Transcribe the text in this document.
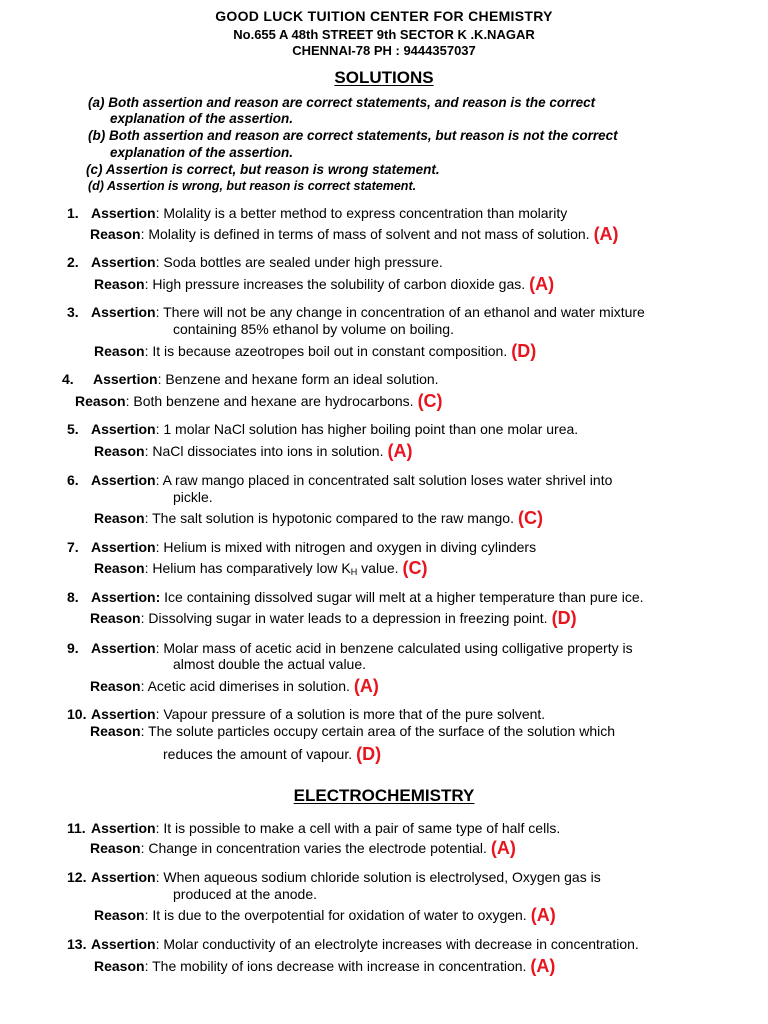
GOOD LUCK TUITION CENTER FOR CHEMISTRY
No.655 A 48th STREET 9th SECTOR K .K.NAGAR
CHENNAI-78 PH : 9444357037
SOLUTIONS
(a) Both assertion and reason are correct statements, and reason is the correct
explanation of the assertion.
(b) Both assertion and reason are correct statements, but reason is not the correct
explanation of the assertion.
(c) Assertion is correct, but reason is wrong statement.
(d) Assertion is wrong, but reason is correct statement.
1. Assertion: Molality is a better method to express concentration than molarity
Reason: Molality is defined in terms of mass of solvent and not mass of solution. (A)
2. Assertion: Soda bottles are sealed under high pressure.
Reason: High pressure increases the solubility of carbon dioxide gas. (A)
3. Assertion: There will not be any change in concentration of an ethanol and water mixture
containing 85% ethanol by volume on boiling.
Reason: It is because azeotropes boil out in constant composition. (D)
4. Assertion: Benzene and hexane form an ideal solution.
Reason: Both benzene and hexane are hydrocarbons. (C)
5. Assertion: 1 molar NaCl solution has higher boiling point than one molar urea.
Reason: NaCl dissociates into ions in solution. (A)
6. Assertion: A raw mango placed in concentrated salt solution loses water shrivel into
pickle.
Reason: The salt solution is hypotonic compared to the raw mango. (C)
7. Assertion: Helium is mixed with nitrogen and oxygen in diving cylinders
Reason: Helium has comparatively low $K_H$ value. (C)
8. Assertion: Ice containing dissolved sugar will melt at a higher temperature than pure ice.
Reason: Dissolving sugar in water leads to a depression in freezing point. (D)
9. Assertion: Molar mass of acetic acid in benzene calculated using colligative property is
almost double the actual value.
Reason: Acetic acid dimerises in solution. (A)
10. Assertion: Vapour pressure of a solution is more that of the pure solvent.
Reason: The solute particles occupy certain area of the surface of the solution which
reduces the amount of vapour. (D)
ELECTROCHEMISTRY
11. Assertion: It is possible to make a cell with a pair of same type of half cells.
Reason: Change in concentration varies the electrode potential. (A)
12. Assertion: When aqueous sodium chloride solution is electrolysed, Oxygen gas is
produced at the anode.
Reason: It is due to the overpotential for oxidation of water to oxygen. (A)
13. Assertion: Molar conductivity of an electrolyte increases with decrease in concentration.
Reason: The mobility of ions decrease with increase in concentration. (A)
